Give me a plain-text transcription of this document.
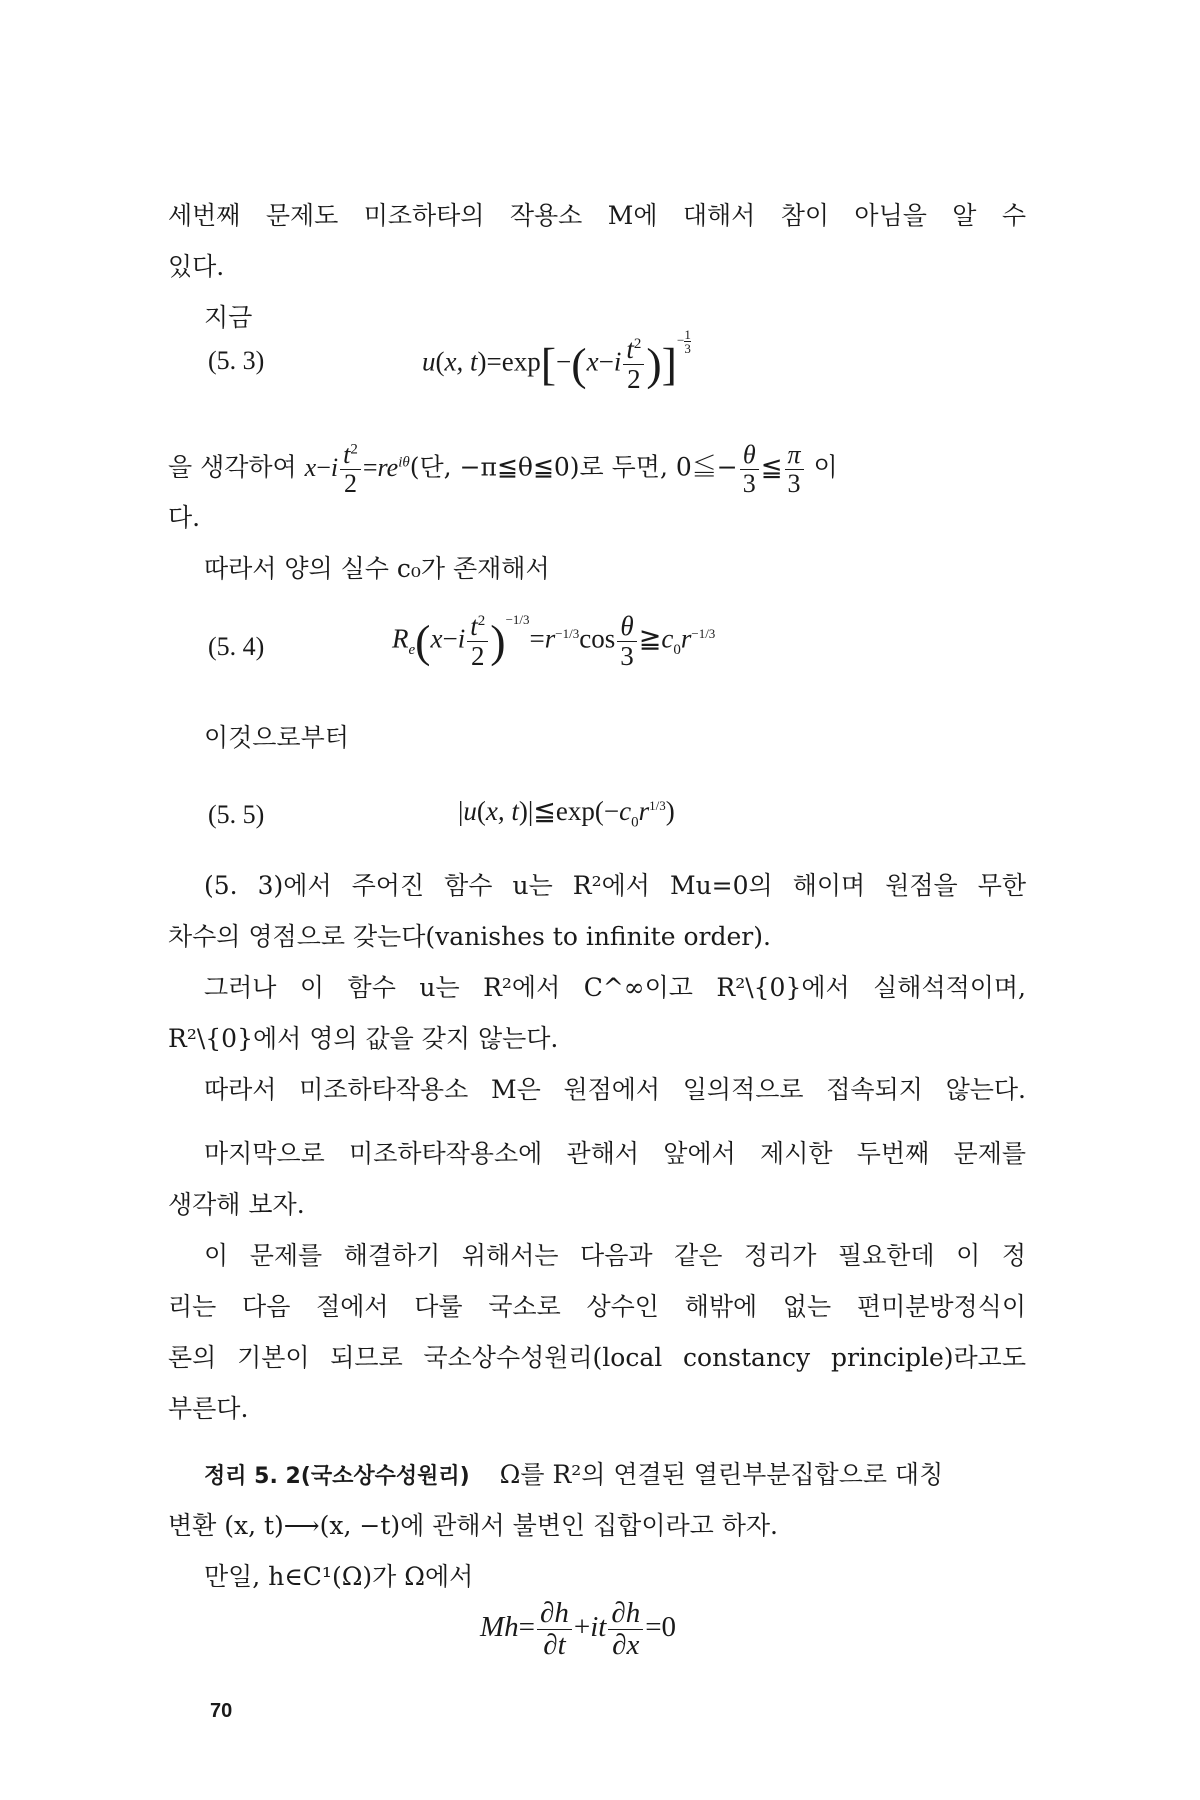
세번째 문제도 미조하타의 작용소 M에 대해서 참이 아님을 알 수
있다.
지금
(5. 3)	u(x, $t)=\exp[-(x-i \frac{t^2}{2}$ )] − $\frac{1}{3}$
을 생각하여 $x-i \frac{t^2}{2} =re^{i\theta}$(단, −π≦θ≦0)로 두면, 0≦− $\frac{\theta}{3}$ ≦ $\frac{\pi}{3}$ 이
다.
따라서 양의 실수 c₀가 존재해서
(5. 4)	$R_e(x-i \frac{t^2}{2} )-1/3=r-1/3\cos \frac{\theta}{3}$ $≧c_0r-1/3$
이것으로부터
(5. 5)	|u(x, $t)|≦\exp(-c_0r1/3)$
(5. 3)에서 주어진 함수 u는 R²에서 Mu=0의 해이며 원점을 무한
차수의 영점으로 갖는다(vanishes to infinite order).
그러나 이 함수 u는 R²에서 C^∞이고 R²\{0}에서 실해석적이며,
R²\{0}에서 영의 값을 갖지 않는다.
따라서 미조하타작용소 M은 원점에서 일의적으로 접속되지 않는다.
마지막으로 미조하타작용소에 관해서 앞에서 제시한 두번째 문제를
생각해 보자.
이 문제를 해결하기 위해서는 다음과 같은 정리가 필요한데 이 정
리는 다음 절에서 다룰 국소로 상수인 해밖에 없는 편미분방정식이
론의 기본이 되므로 국소상수성원리(local constancy principle)라고도
부른다.
정리 5. 2(국소상수성원리) Ω를 R²의 연결된 열린부분집합으로 대칭
변환 (x, t)⟶(x, −t)에 관해서 불변인 집합이라고 하자.
만일, h∈C¹(Ω)가 Ω에서
$Mh= \frac{\partial h}{\partial t} +it \frac{\partial h}{\partial x} =0$
70
